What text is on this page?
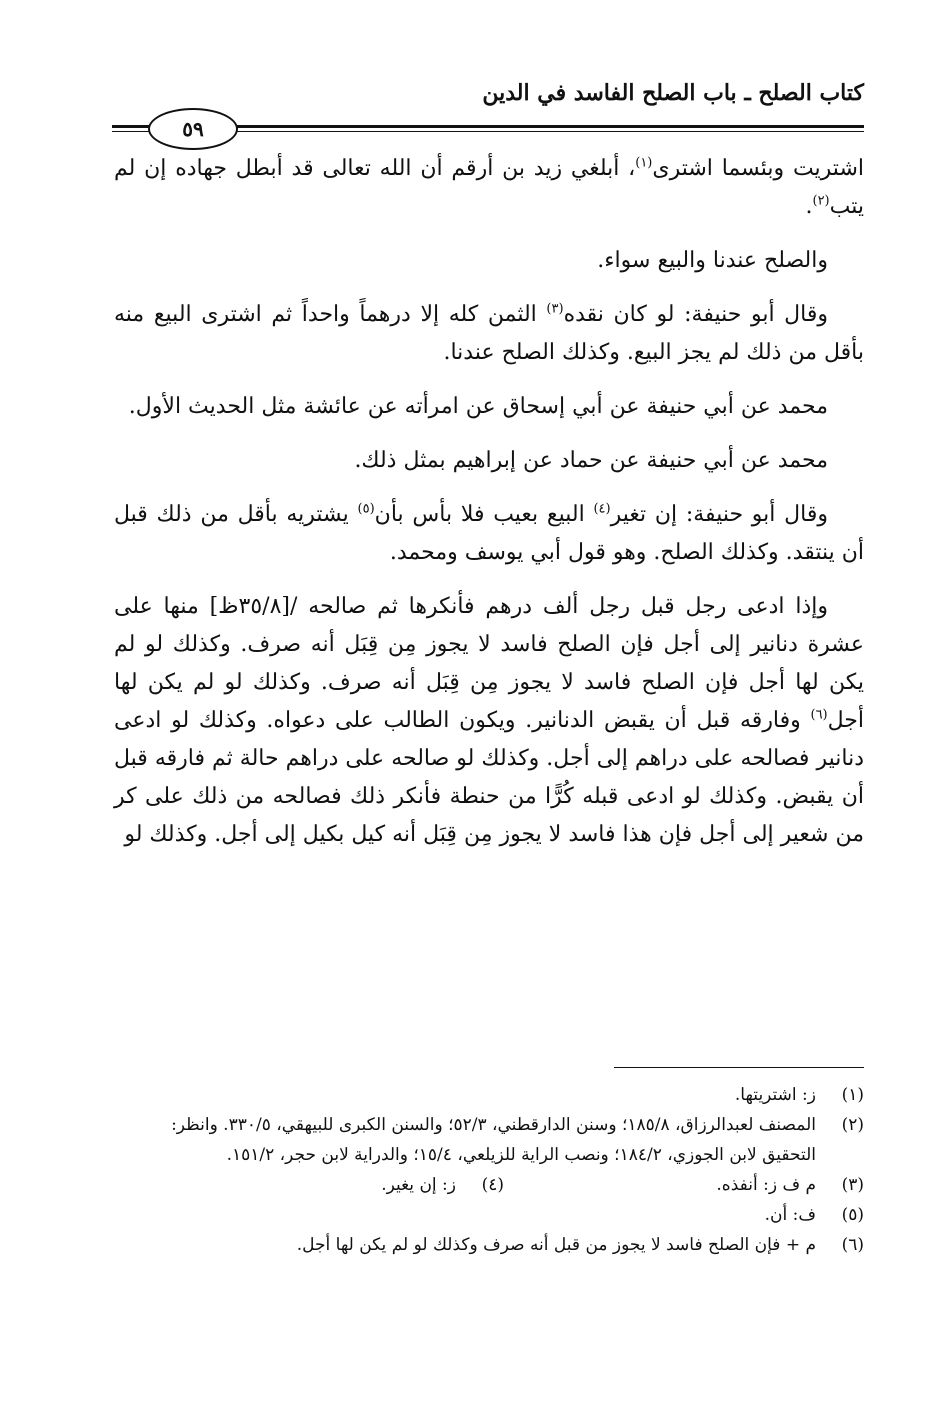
كتاب الصلح ـ باب الصلح الفاسد في الدين
٥٩

اشتريت وبئسما اشترى$^{(١)}$، أبلغي زيد بن أرقم أن الله تعالى قد أبطل جهاده إن لم يتب$^{(٢)}$.

والصلح عندنا والبيع سواء.

وقال أبو حنيفة: لو كان نقده$^{(٣)}$ الثمن كله إلا درهماً واحداً ثم اشترى البيع منه بأقل من ذلك لم يجز البيع. وكذلك الصلح عندنا.

محمد عن أبي حنيفة عن أبي إسحاق عن امرأته عن عائشة مثل الحديث الأول.

محمد عن أبي حنيفة عن حماد عن إبراهيم بمثل ذلك.

وقال أبو حنيفة: إن تغير$^{(٤)}$ البيع بعيب فلا بأس بأن$^{(٥)}$ يشتريه بأقل من ذلك قبل أن ينتقد. وكذلك الصلح. وهو قول أبي يوسف ومحمد.

وإذا ادعى رجل قبل رجل ألف درهم فأنكرها ثم صالحه /[٣٥/٨ظ] منها على عشرة دنانير إلى أجل فإن الصلح فاسد لا يجوز مِن قِبَل أنه صرف. وكذلك لو لم يكن لها أجل فإن الصلح فاسد لا يجوز مِن قِبَل أنه صرف. وكذلك لو لم يكن لها أجل$^{(٦)}$ وفارقه قبل أن يقبض الدنانير. ويكون الطالب على دعواه. وكذلك لو ادعى دنانير فصالحه على دراهم إلى أجل. وكذلك لو صالحه على دراهم حالة ثم فارقه قبل أن يقبض. وكذلك لو ادعى قبله كُرًّا من حنطة فأنكر ذلك فصالحه من ذلك على كر من شعير إلى أجل فإن هذا فاسد لا يجوز مِن قِبَل أنه كيل بكيل إلى أجل. وكذلك لو

(١)
ز: اشتريتها.
(٢)
المصنف لعبدالرزاق، ١٨٥/٨؛ وسنن الدارقطني، ٥٢/٣؛ والسنن الكبرى للبيهقي، ٣٣٠/٥. وانظر: التحقيق لابن الجوزي، ١٨٤/٢؛ ونصب الراية للزيلعي، ١٥/٤؛ والدراية لابن حجر، ١٥١/٢.
(٣)
م ف ز: أنفذه.
(٤)
ز: إن يغير.
(٥)
ف: أن.
(٦)
م + فإن الصلح فاسد لا يجوز من قبل أنه صرف وكذلك لو لم يكن لها أجل.
